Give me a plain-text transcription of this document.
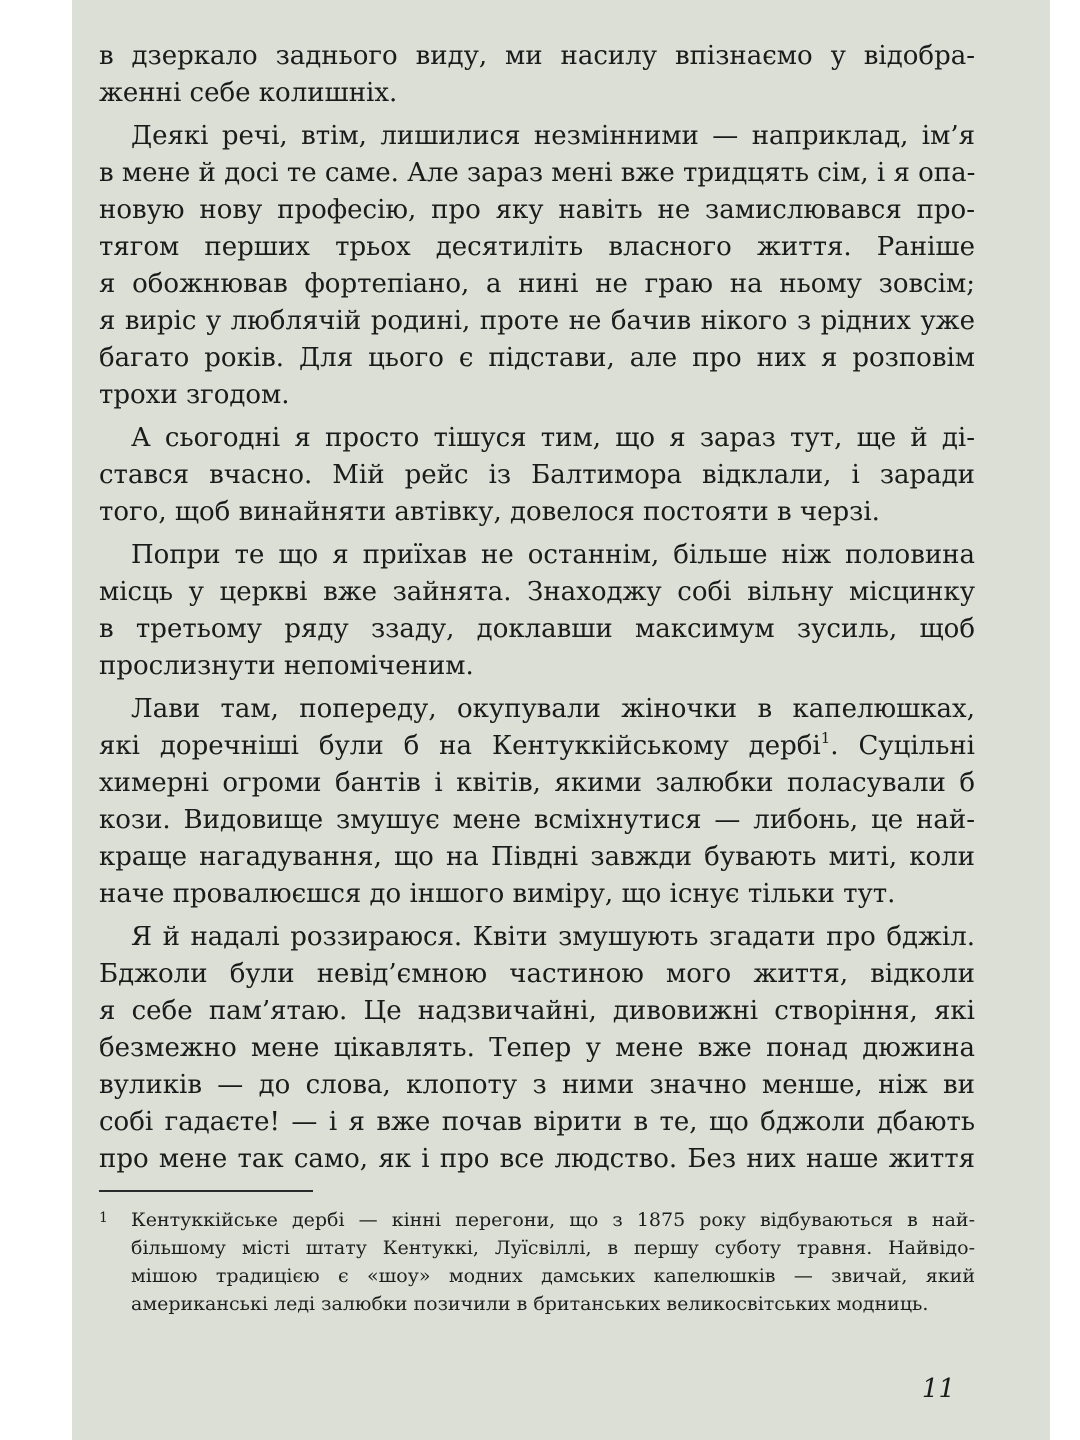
в дзеркало заднього виду, ми насилу впізнаємо у відобра-
женні себе колишніх.
Деякі речі, втім, лишилися незмінними — наприклад, ім’я
в мене й досі те саме. Але зараз мені вже тридцять сім, і я опа-
новую нову професію, про яку навіть не замислювався про-
тягом перших трьох десятиліть власного життя. Раніше
я обожнював фортепіано, а нині не граю на ньому зовсім;
я виріс у люблячій родині, проте не бачив нікого з рідних уже
багато років. Для цього є підстави, але про них я розповім
трохи згодом.
А сьогодні я просто тішуся тим, що я зараз тут, ще й ді-
стався вчасно. Мій рейс із Балтимора відклали, і заради
того, щоб винайняти автівку, довелося постояти в черзі.
Попри те що я приїхав не останнім, більше ніж половина
місць у церкві вже зайнята. Знаходжу собі вільну місцинку
в третьому ряду ззаду, доклавши максимум зусиль, щоб
прослизнути непоміченим.
Лави там, попереду, окупували жіночки в капелюшках,
які доречніші були б на Кентуккійському дербі$^1$. Суцільні
химерні огроми бантів і квітів, якими залюбки поласували б
кози. Видовище змушує мене всміхнутися — либонь, це най-
краще нагадування, що на Півдні завжди бувають миті, коли
наче провалюєшся до іншого виміру, що існує тільки тут.
Я й надалі роззираюся. Квіти змушують згадати про бджіл.
Бджоли були невід’ємною частиною мого життя, відколи
я себе пам’ятаю. Це надзвичайні, дивовижні створіння, які
безмежно мене цікавлять. Тепер у мене вже понад дюжина
вуликів — до слова, клопоту з ними значно менше, ніж ви
собі гадаєте! — і я вже почав вірити в те, що бджоли дбають
про мене так само, як і про все людство. Без них наше життя
1 Кентуккійське дербі — кінні перегони, що з 1875 року відбуваються в най-
більшому місті штату Кентуккі, Луїсвіллі, в першу суботу травня. Найвідо-
мішою традицією є «шоу» модних дамських капелюшків — звичай, який
американські леді залюбки позичили в британських великосвітських модниць.
11
